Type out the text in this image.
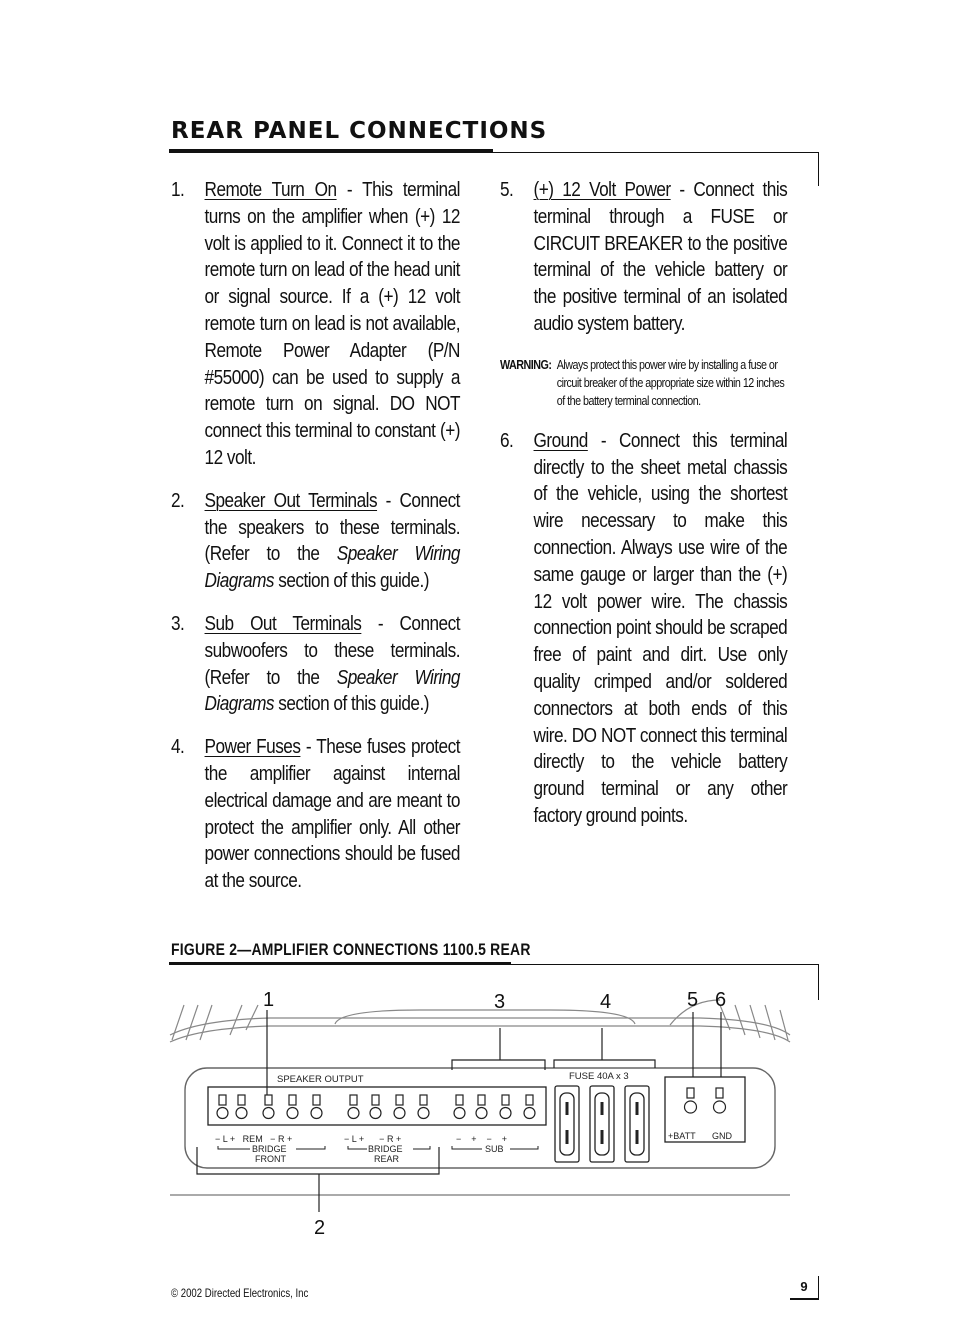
REAR PANEL CONNECTIONS
1.	Remote Turn On - This terminal turns on the amplifier when (+) 12 volt is applied to it. Connect it to the remote turn on lead of the head unit or signal source. If a (+) 12 volt remote turn on lead is not available, Remote Power Adapter (P/N #55000) can be used to supply a remote turn on signal. DO NOT connect this terminal to constant (+) 12 volt.
2.	Speaker Out Terminals - Connect the speakers to these terminals. (Refer to the Speaker Wiring Diagrams section of this guide.)
3.	Sub Out Terminals - Connect subwoofers to these terminals. (Refer to the Speaker Wiring Diagrams section of this guide.)
4.	Power Fuses - These fuses protect the amplifier against internal electrical damage and are meant to protect the amplifier only. All other power connections should be fused at the source.
5.	(+) 12 Volt Power - Connect this terminal through a FUSE or CIRCUIT BREAKER to the positive terminal of the vehicle battery or the positive terminal of an isolated audio system battery.
WARNING: Always protect this power wire by installing a fuse or circuit breaker of the appropriate size within 12 inches of the battery terminal connection.
6.	Ground - Connect this terminal directly to the sheet metal chassis of the vehicle, using the shortest wire necessary to make this connection. Always use wire of the same gauge or larger than the (+) 12 volt power wire. The chassis connection point should be scraped free of paint and dirt. Use only quality crimped and/or soldered connectors at both ends of this wire. DO NOT connect this terminal directly to the vehicle battery ground terminal or any other factory ground points.
FIGURE 2—AMPLIFIER CONNECTIONS 1100.5 REAR
SPEAKER OUTPUT
− L +   REM   − R +	− L +      − R +	−    +    −    +
BRIDGE
FRONT
BRIDGE
REAR
SUB
FUSE 40A x 3
+BATT GND
1
2
3	4	5 6
© 2002 Directed Electronics, Inc	9
